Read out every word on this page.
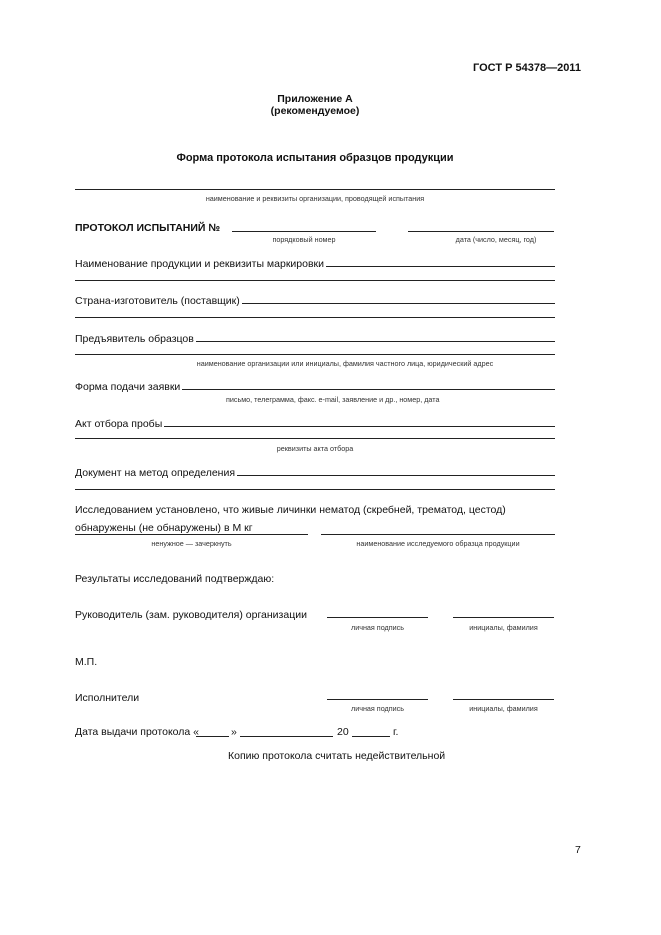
ГОСТ Р 54378—2011
Приложение А
(рекомендуемое)
Форма протокола испытания образцов продукции
наименование и реквизиты организации, проводящей испытания
ПРОТОКОЛ ИСПЫТАНИЙ №
порядковый номер	дата (число, месяц, год)
Наименование продукции и реквизиты маркировки
Страна-изготовитель (поставщик)
Предъявитель образцов
наименование организации или инициалы, фамилия частного лица, юридический адрес
Форма подачи заявки
письмо, телеграмма, факс. e-mail, заявление и др., номер, дата
Акт отбора пробы
реквизиты акта отбора
Документ на метод определения
Исследованием установлено, что живые личинки нематод (скребней, трематод, цестод)
обнаружены (не обнаружены) в M кг
ненужное — зачеркнуть	наименование исследуемого образца продукции
Результаты исследований подтверждаю:
Руководитель (зам. руководителя) организации
личная подпись	инициалы, фамилия
М.П.
Исполнители
личная подпись	инициалы, фамилия
Дата выдачи протокола «	»	20	г.
Копию протокола считать недействительной
7
